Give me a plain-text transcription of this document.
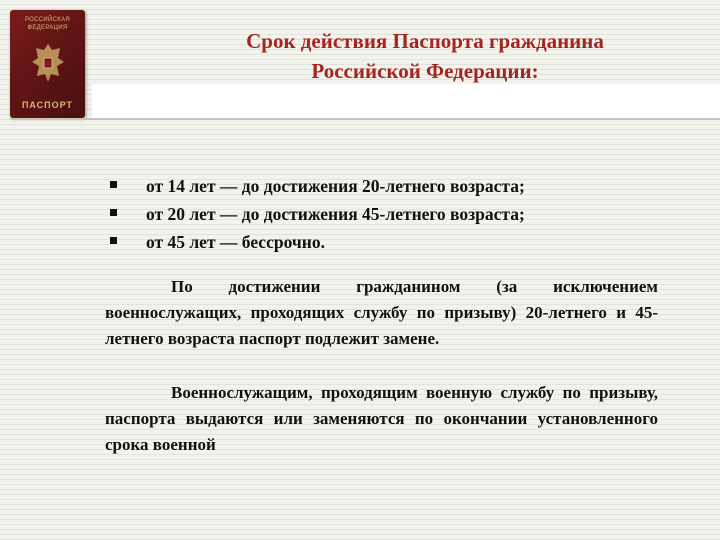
РОССИЙСКАЯ ФЕДЕРАЦИЯ
ПАСПОРТ
Срок действия Паспорта гражданина
Российской Федерации:
от 14 лет — до достижения 20-летнего возраста;
от 20 лет — до достижения 45-летнего возраста;
от 45 лет — бессрочно.

По достижении гражданином (за исключением военнослужащих, проходящих службу по призыву) 20-летнего и 45-летнего возраста паспорт подлежит замене.

Военнослужащим, проходящим военную службу по призыву, паспорта выдаются или заменяются по окончании установленного срока военной
